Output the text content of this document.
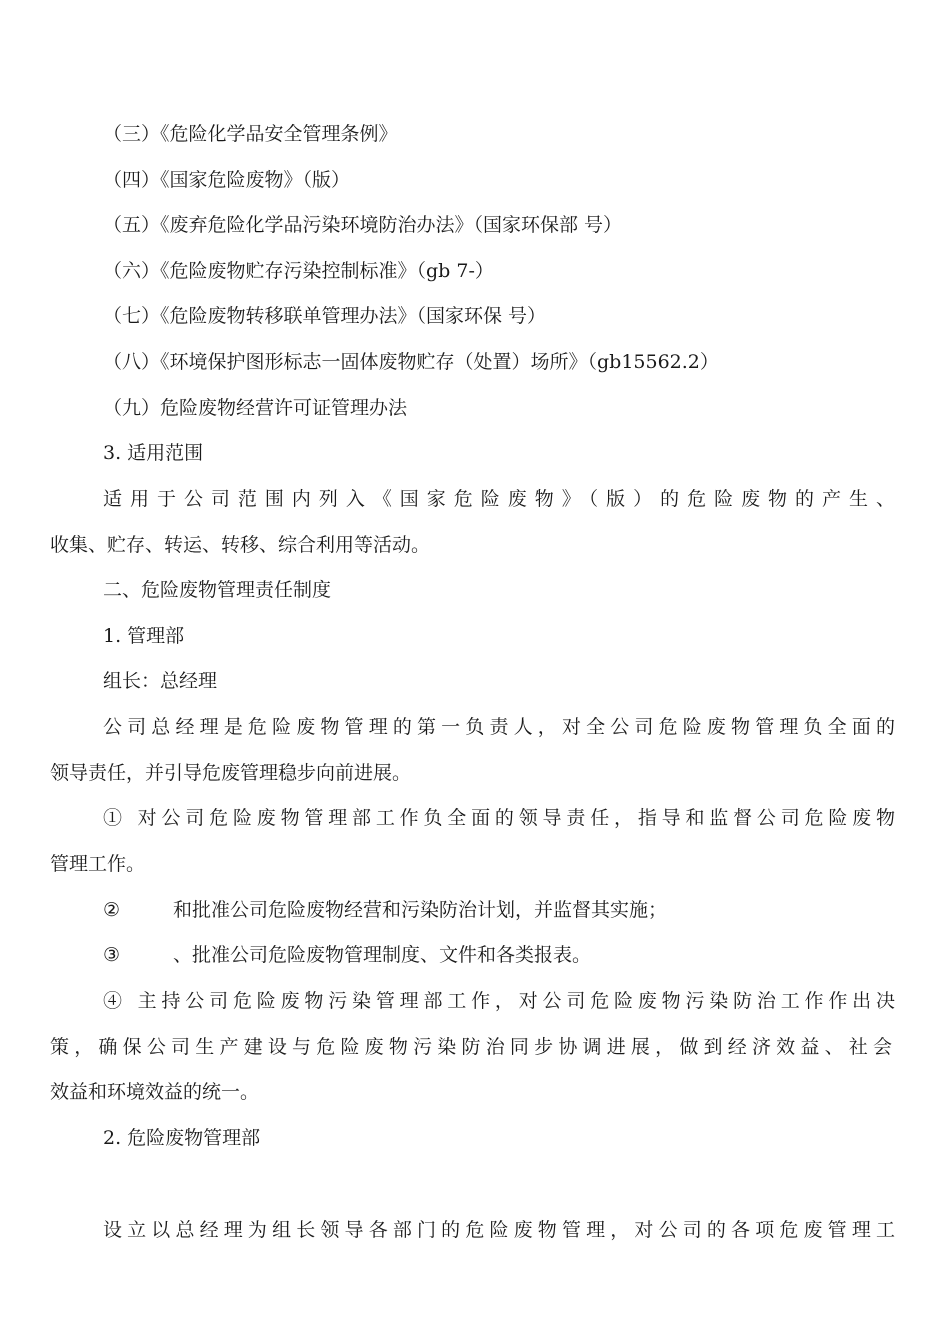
（三）《危险化学品安全管理条例》
（四）《国家危险废物》（版）
（五）《废弃危险化学品污染环境防治办法》（国家环保部 号）
（六）《危险废物贮存污染控制标准》（gb 7-）
（七）《危险废物转移联单管理办法》（国家环保 号）
（八）《环境保护图形标志一固体废物贮存（处置）场所》（gb15562.2）
（九）危险废物经营许可证管理办法
3. 适用范围
适用于公司范围内列入《国家危险废物》（版）的危险废物的产生、
收集、贮存、转运、转移、综合利用等活动。
二、危险废物管理责任制度
1. 管理部
组长：总经理
公司总经理是危险废物管理的第一负责人，对全公司危险废物管理负全面的
领导责任，并引导危废管理稳步向前进展。
① 对公司危险废物管理部工作负全面的领导责任，指导和监督公司危险废物
管理工作。
②	和批准公司危险废物经营和污染防治计划，并监督其实施；
③	、批准公司危险废物管理制度、文件和各类报表。
④ 主持公司危险废物污染管理部工作，对公司危险废物污染防治工作作出决
策，确保公司生产建设与危险废物污染防治同步协调进展，做到经济效益、社会
效益和环境效益的统一。
2. 危险废物管理部
设立以总经理为组长领导各部门的危险废物管理，对公司的各项危废管理工
